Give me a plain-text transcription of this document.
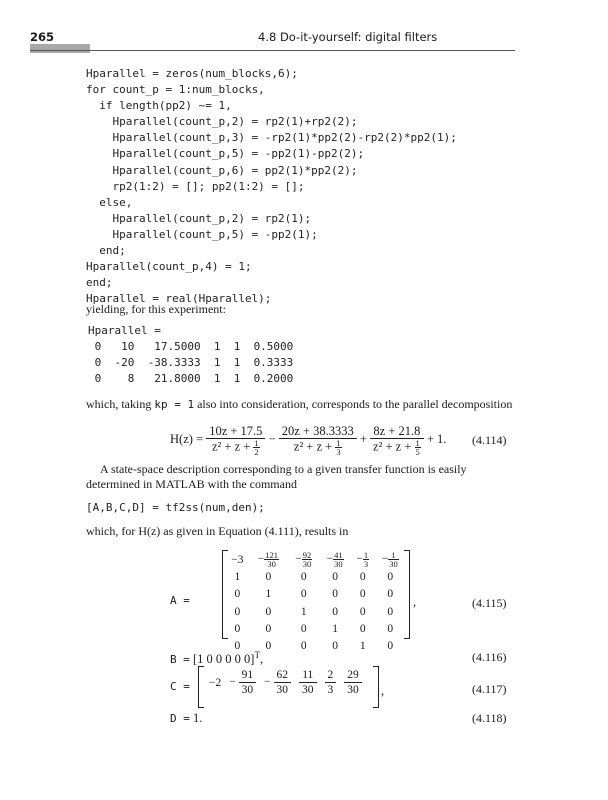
265	4.8 Do-it-yourself: digital filters
Hparallel = zeros(num_blocks,6);
for count_p = 1:num_blocks,
if length(pp2) ~= 1,
Hparallel(count_p,2) = rp2(1)+rp2(2);
Hparallel(count_p,3) = -rp2(1)*pp2(2)-rp2(2)*pp2(1);
Hparallel(count_p,5) = -pp2(1)-pp2(2);
Hparallel(count_p,6) = pp2(1)*pp2(2);
rp2(1:2) = []; pp2(1:2) = [];
else,
Hparallel(count_p,2) = rp2(1);
Hparallel(count_p,5) = -pp2(1);
end;
Hparallel(count_p,4) = 1;
end;
Hparallel = real(Hparallel);
yielding, for this experiment:
Hparallel =
0   10   17.5000  1  1  0.5000
0  -20  -38.3333  1  1  0.3333
0    8   21.8000  1  1  0.2000
which, taking kp = 1 also into consideration, corresponds to the parallel decomposition
$H(z) = \frac{10z + 17.5}{z^2 + z + \frac{1}{2}} - \frac{20z + 38.3333}{z^2 + z + \frac{1}{3}} + \frac{8z + 21.8}{z^2 + z + \frac{1}{5}} + 1$. (4.114)
A state-space description corresponding to a given transfer function is easily determined in MATLAB with the command
[A,B,C,D] = tf2ss(num,den);
which, for H(z) as given in Equation (4.111), results in
A =
−3	− $\frac{121}{30}$	− $\frac{92}{30}$	− $\frac{41}{30}$	− $\frac{1}{3}$	− $\frac{1}{30}$

1	0	0	0	0	0
0	1	0	0	0	0
0	0	1	0	0	0
0	0	0	1	0	0
0	0	0	0	1	0
,	(4.115)
B = [1 0 0 0 0 0]$^T$,	(4.116)
C =	$-2 - \frac{91}{30} - \frac{62}{30} \frac{11}{30} \frac{2}{3} \frac{29}{30}$ ,	(4.117)
D = 1.	(4.118)
